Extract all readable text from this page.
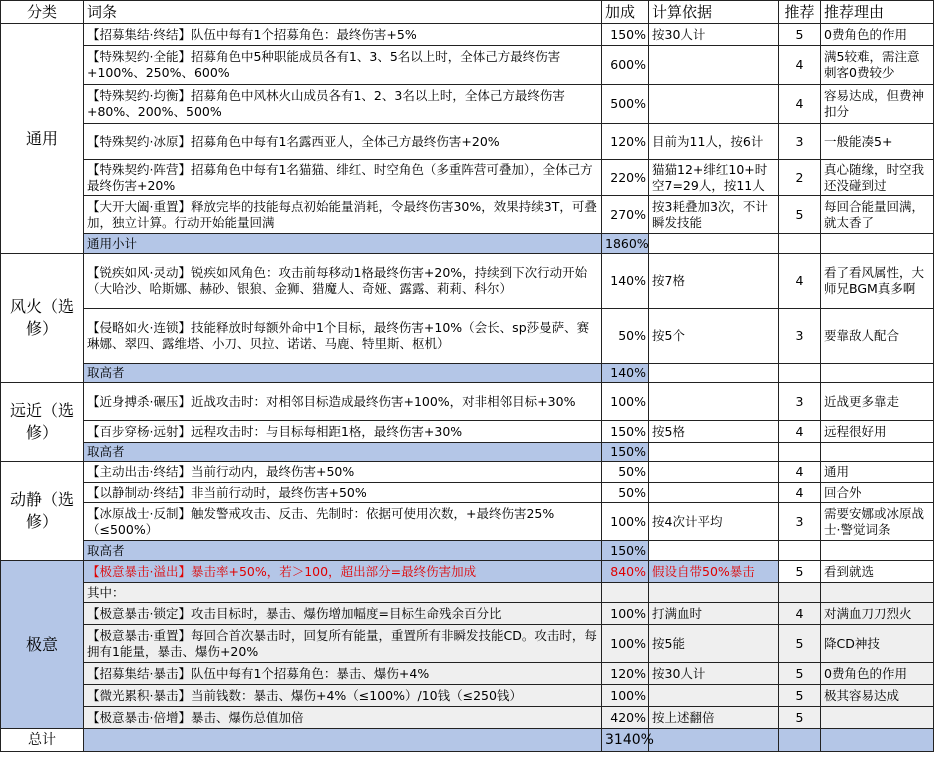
分类	词条	加成	计算依据	推荐	推荐理由
通用	【招募集结·终结】队伍中每有1个招募角色：最终伤害+5%	150%	按30人计	5	0费角色的作用
	【特殊契约·全能】招募角色中5种职能成员各有1、3、5名以上时，全体己方最终伤害+100%、250%、600%	600%		4	满5较难，需注意刺客0费较少
	【特殊契约·均衡】招募角色中风林火山成员各有1、2、3名以上时，全体己方最终伤害+80%、200%、500%	500%		4	容易达成，但费神扣分
	【特殊契约·冰原】招募角色中每有1名露西亚人，全体己方最终伤害+20%	120%	目前为11人，按6计	3	一般能凑5+
	【特殊契约·阵营】招募角色中每有1名猫猫、绯红、时空角色（多重阵营可叠加），全体己方最终伤害+20%	220%	猫猫12+绯红10+时空7=29人，按11人	2	真心随缘，时空我还没碰到过
	【大开大阖·重置】释放完毕的技能每点初始能量消耗，令最终伤害30%，效果持续3T，可叠加，独立计算。行动开始能量回满	270%	按3耗叠加3次，不计瞬发技能	5	每回合能量回满，就太香了
	通用小计	1860%			
风火（选修）	【锐疾如风·灵动】锐疾如风角色：攻击前每移动1格最终伤害+20%，持续到下次行动开始（大哈沙、哈斯娜、赫砂、银狼、金狮、猎魔人、奇娅、露露、莉莉、科尔）	140%	按7格	4	看了看风属性，大师兄BGM真多啊
	【侵略如火·连锁】技能释放时每额外命中1个目标，最终伤害+10%（会长、sp莎曼萨、赛琳娜、翠四、露维塔、小刀、贝拉、诺诺、马鹿、特里斯、枢机）	50%	按5个	3	要靠敌人配合
	取高者	140%			
远近（选修）	【近身搏杀·碾压】近战攻击时：对相邻目标造成最终伤害+100%，对非相邻目标+30%	100%		3	近战更多靠走
	【百步穿杨·远射】远程攻击时：与目标每相距1格，最终伤害+30%	150%	按5格	4	远程很好用
	取高者	150%			
动静（选修）	【主动出击·终结】当前行动内，最终伤害+50%	50%		4	通用
	【以静制动·终结】非当前行动时，最终伤害+50%	50%		4	回合外
	【冰原战士·反制】触发警戒攻击、反击、先制时：依据可使用次数，+最终伤害25%（≤500%）	100%	按4次计平均	3	需要安娜或冰原战士·警觉词条
	取高者	150%			
极意	【极意暴击·溢出】暴击率+50%，若＞100，超出部分=最终伤害加成	840%	假设自带50%暴击	5	看到就选
	其中：				
	【极意暴击·锁定】攻击目标时，暴击、爆伤增加幅度=目标生命残余百分比	100%	打满血时	4	对满血刀刀烈火
	【极意暴击·重置】每回合首次暴击时，回复所有能量，重置所有非瞬发技能CD。攻击时，每拥有1能量，暴击、爆伤+20%	100%	按5能	5	降CD神技
	【招募集结·暴击】队伍中每有1个招募角色：暴击、爆伤+4%	120%	按30人计	5	0费角色的作用
	【微光累积·暴击】当前钱数：暴击、爆伤+4%（≤100%）/10钱（≤250钱）	100%		5	极其容易达成
	【极意暴击·倍增】暴击、爆伤总值加倍	420%	按上述翻倍	5	
总计		3140%			
